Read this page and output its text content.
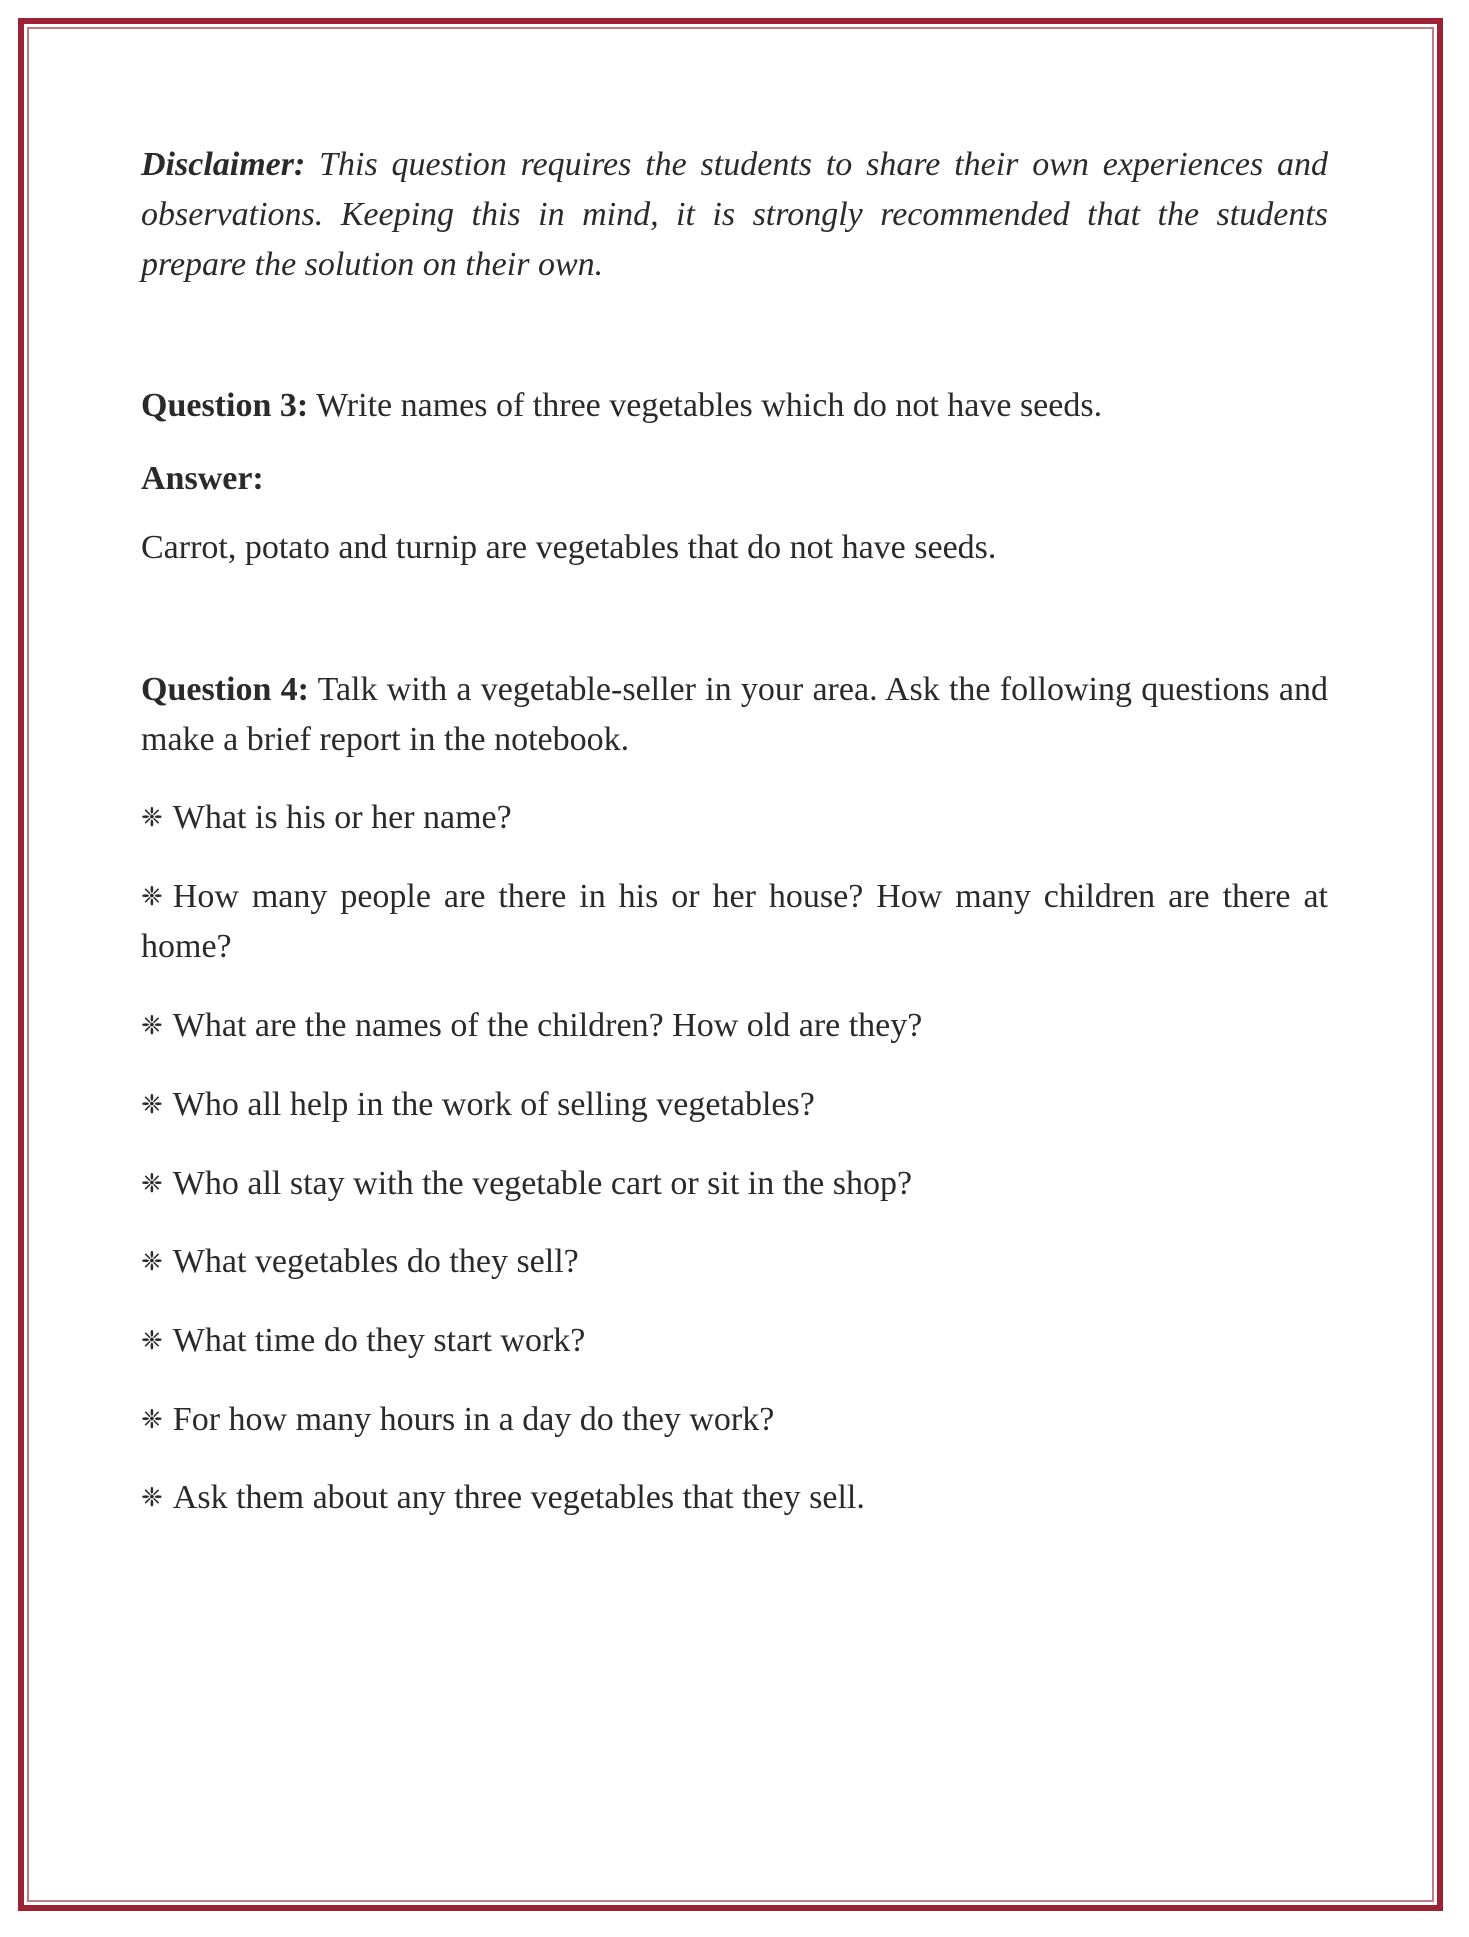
Disclaimer: This question requires the students to share their own experiences and observations. Keeping this in mind, it is strongly recommended that the students prepare the solution on their own.
Question 3: Write names of three vegetables which do not have seeds.
Answer:
Carrot, potato and turnip are vegetables that do not have seeds.
Question 4: Talk with a vegetable-seller in your area. Ask the following questions and make a brief report in the notebook.
❈ What is his or her name?
❈ How many people are there in his or her house? How many children are there at home?
❈ What are the names of the children? How old are they?
❈ Who all help in the work of selling vegetables?
❈ Who all stay with the vegetable cart or sit in the shop?
❈ What vegetables do they sell?
❈ What time do they start work?
❈ For how many hours in a day do they work?
❈ Ask them about any three vegetables that they sell.
